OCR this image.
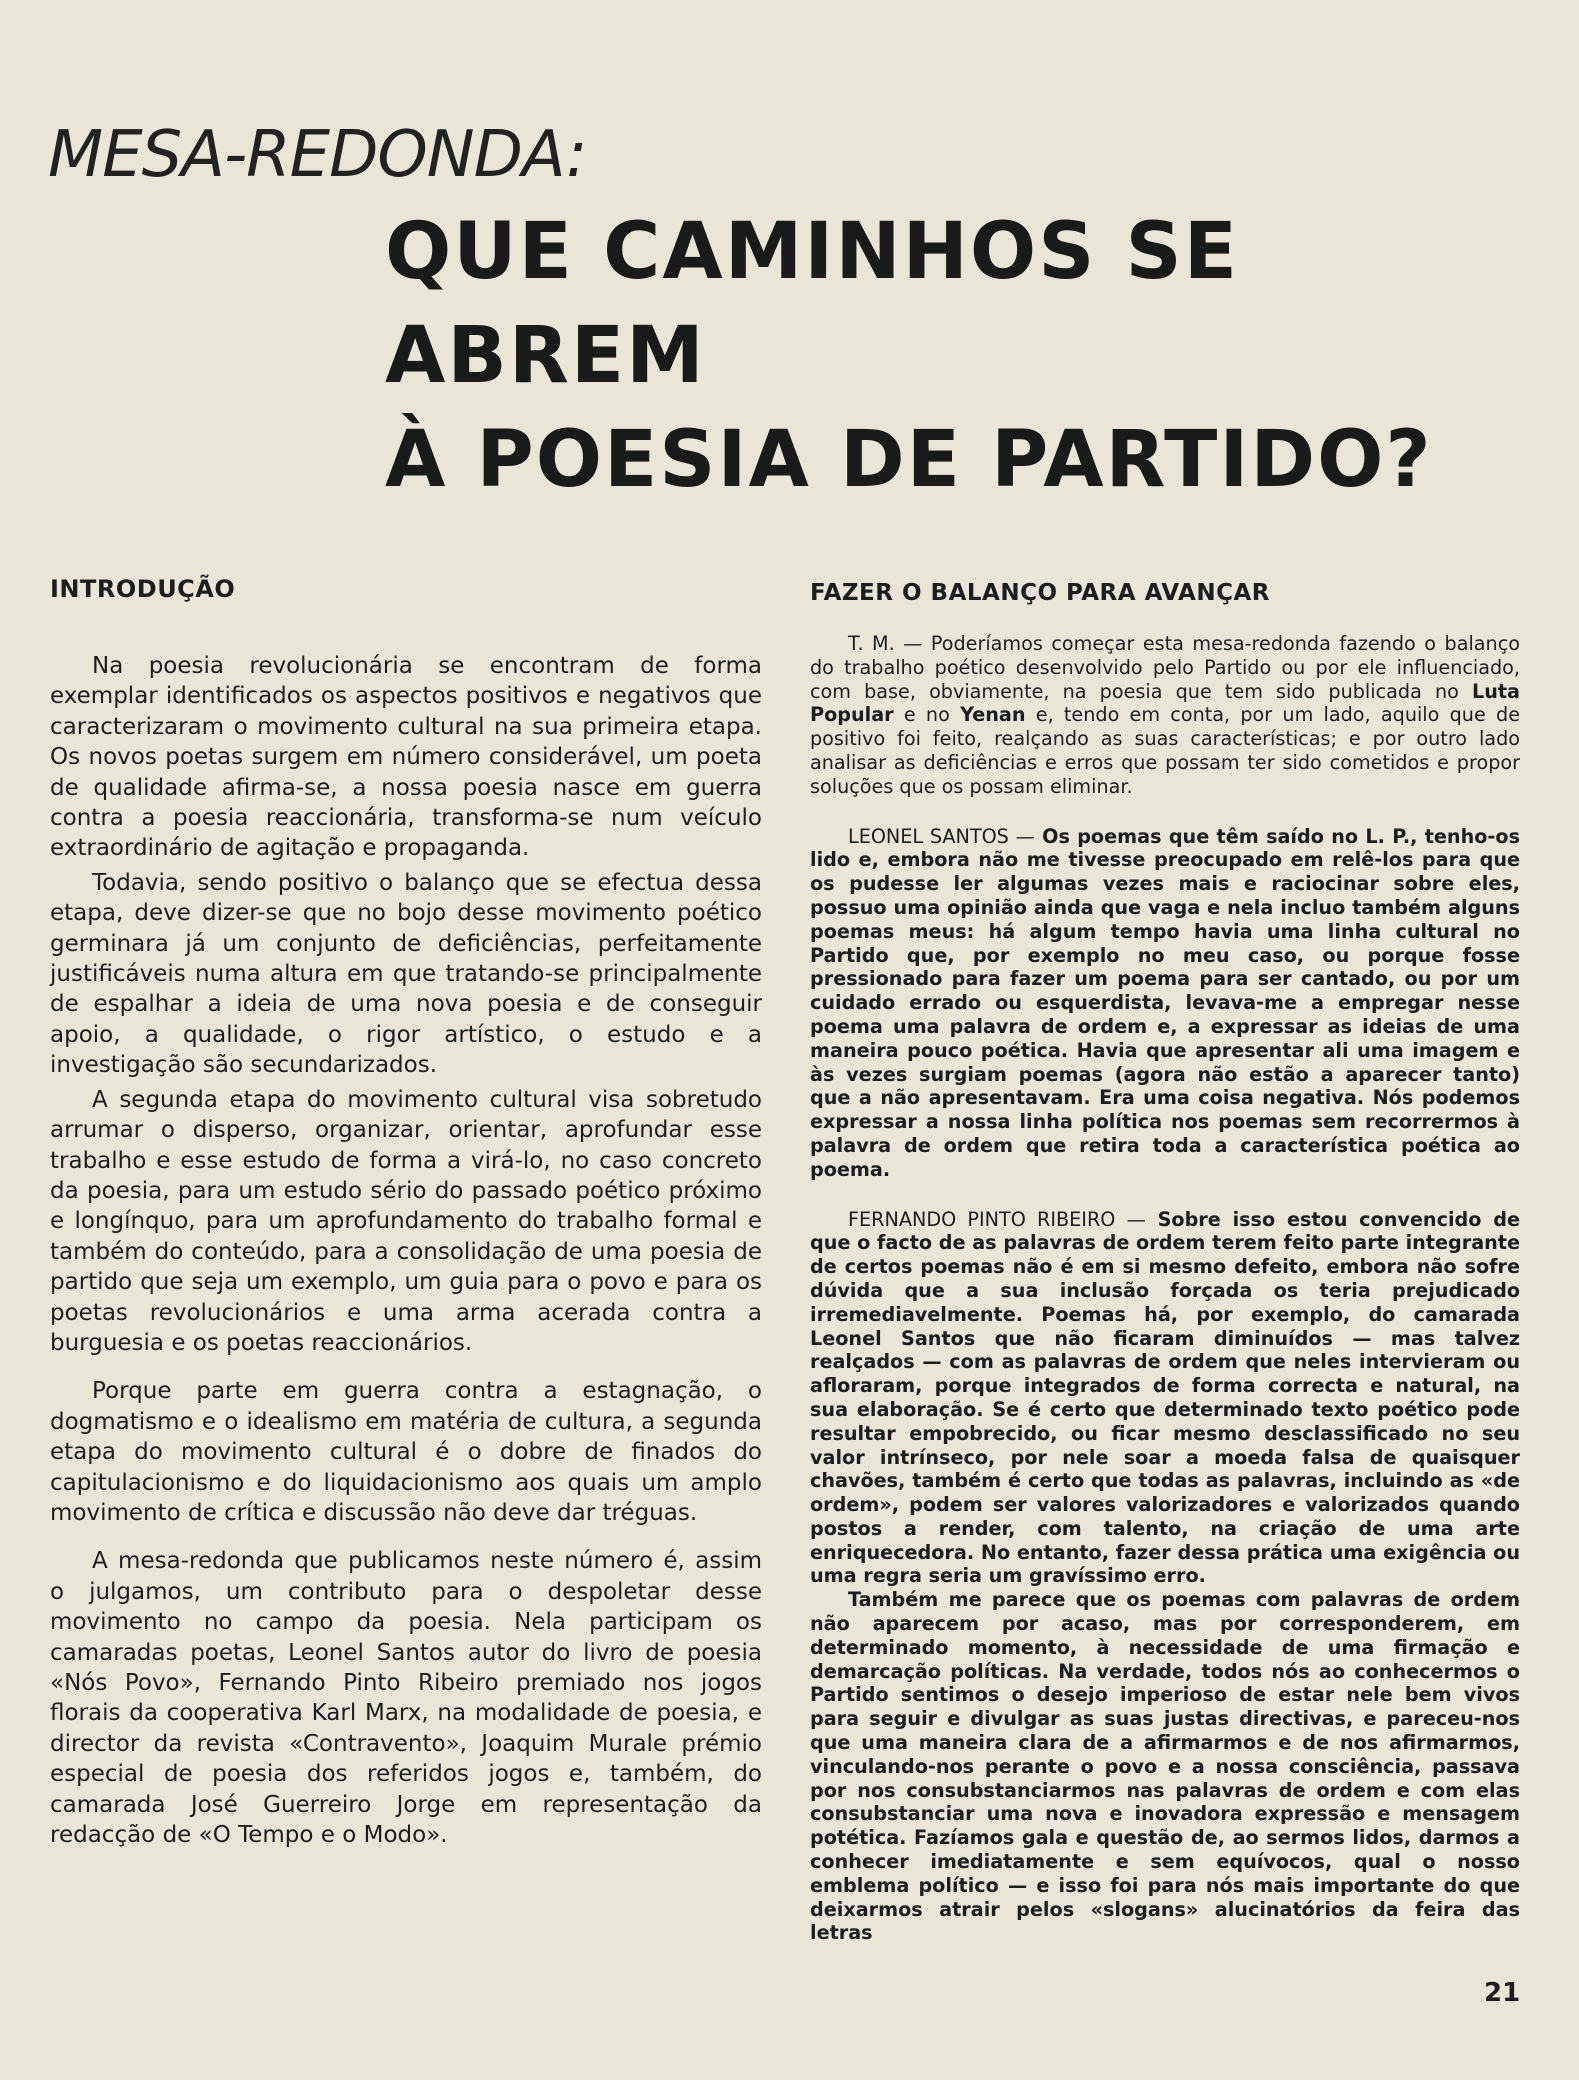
MESA-REDONDA:
QUE CAMINHOS SE ABREM
À POESIA DE PARTIDO?
INTRODUÇÃO

Na poesia revolucionária se encontram de forma exemplar identificados os aspectos positivos e negativos que caracterizaram o movimento cultural na sua primeira etapa. Os novos poetas surgem em número considerável, um poeta de qualidade afirma-se, a nossa poesia nasce em guerra contra a poesia reaccionária, transforma-se num veículo extraordinário de agitação e propaganda.

Todavia, sendo positivo o balanço que se efectua dessa etapa, deve dizer-se que no bojo desse movimento poético germinara já um conjunto de deficiências, perfeitamente justificáveis numa altura em que tratando-se principalmente de espalhar a ideia de uma nova poesia e de conseguir apoio, a qualidade, o rigor artístico, o estudo e a investigação são secundarizados.

A segunda etapa do movimento cultural visa sobretudo arrumar o disperso, organizar, orientar, aprofundar esse trabalho e esse estudo de forma a virá-lo, no caso concreto da poesia, para um estudo sério do passado poético próximo e longínquo, para um aprofundamento do trabalho formal e também do conteúdo, para a consolidação de uma poesia de partido que seja um exemplo, um guia para o povo e para os poetas revolucionários e uma arma acerada contra a burguesia e os poetas reaccionários.

Porque parte em guerra contra a estagnação, o dogmatismo e o idealismo em matéria de cultura, a segunda etapa do movimento cultural é o dobre de finados do capitulacionismo e do liquidacionismo aos quais um amplo movimento de crítica e discussão não deve dar tréguas.

A mesa-redonda que publicamos neste número é, assim o julgamos, um contributo para o despoletar desse movimento no campo da poesia. Nela participam os camaradas poetas, Leonel Santos autor do livro de poesia «Nós Povo», Fernando Pinto Ribeiro premiado nos jogos florais da cooperativa Karl Marx, na modalidade de poesia, e director da revista «Contravento», Joaquim Murale prémio especial de poesia dos referidos jogos e, também, do camarada José Guerreiro Jorge em representação da redacção de «O Tempo e o Modo».

FAZER O BALANÇO PARA AVANÇAR

T. M. — Poderíamos começar esta mesa-redonda fazendo o balanço do trabalho poético desenvolvido pelo Partido ou por ele influenciado, com base, obviamente, na poesia que tem sido publicada no Luta Popular e no Yenan e, tendo em conta, por um lado, aquilo que de positivo foi feito, realçando as suas características; e por outro lado analisar as deficiências e erros que possam ter sido cometidos e propor soluções que os possam eliminar.

LEONEL SANTOS — Os poemas que têm saído no L. P., tenho-os lido e, embora não me tivesse preocupado em relê-los para que os pudesse ler algumas vezes mais e raciocinar sobre eles, possuo uma opinião ainda que vaga e nela incluo também alguns poemas meus: há algum tempo havia uma linha cultural no Partido que, por exemplo no meu caso, ou porque fosse pressionado para fazer um poema para ser cantado, ou por um cuidado errado ou esquerdista, levava-me a empregar nesse poema uma palavra de ordem e, a expressar as ideias de uma maneira pouco poética. Havia que apresentar ali uma imagem e às vezes surgiam poemas (agora não estão a aparecer tanto) que a não apresentavam. Era uma coisa negativa. Nós podemos expressar a nossa linha política nos poemas sem recorrermos à palavra de ordem que retira toda a característica poética ao poema.

FERNANDO PINTO RIBEIRO — Sobre isso estou convencido de que o facto de as palavras de ordem terem feito parte integrante de certos poemas não é em si mesmo defeito, embora não sofre dúvida que a sua inclusão forçada os teria prejudicado irremediavelmente. Poemas há, por exemplo, do camarada Leonel Santos que não ficaram diminuídos — mas talvez realçados — com as palavras de ordem que neles intervieram ou afloraram, porque integrados de forma correcta e natural, na sua elaboração. Se é certo que determinado texto poético pode resultar empobrecido, ou ficar mesmo desclassificado no seu valor intrínseco, por nele soar a moeda falsa de quaisquer chavões, também é certo que todas as palavras, incluindo as «de ordem», podem ser valores valorizadores e valorizados quando postos a render, com talento, na criação de uma arte enriquecedora. No entanto, fazer dessa prática uma exigência ou uma regra seria um gravíssimo erro.

Também me parece que os poemas com palavras de ordem não aparecem por acaso, mas por corresponderem, em determinado momento, à necessidade de uma firmação e demarcação políticas. Na verdade, todos nós ao conhecermos o Partido sentimos o desejo imperioso de estar nele bem vivos para seguir e divulgar as suas justas directivas, e pareceu-nos que uma maneira clara de a afirmarmos e de nos afirmarmos, vinculando-nos perante o povo e a nossa consciência, passava por nos consubstanciarmos nas palavras de ordem e com elas consubstanciar uma nova e inovadora expressão e mensagem potética. Fazíamos gala e questão de, ao sermos lidos, darmos a conhecer imediatamente e sem equívocos, qual o nosso emblema político — e isso foi para nós mais importante do que deixarmos atrair pelos «slogans» alucinatórios da feira das letras

21
